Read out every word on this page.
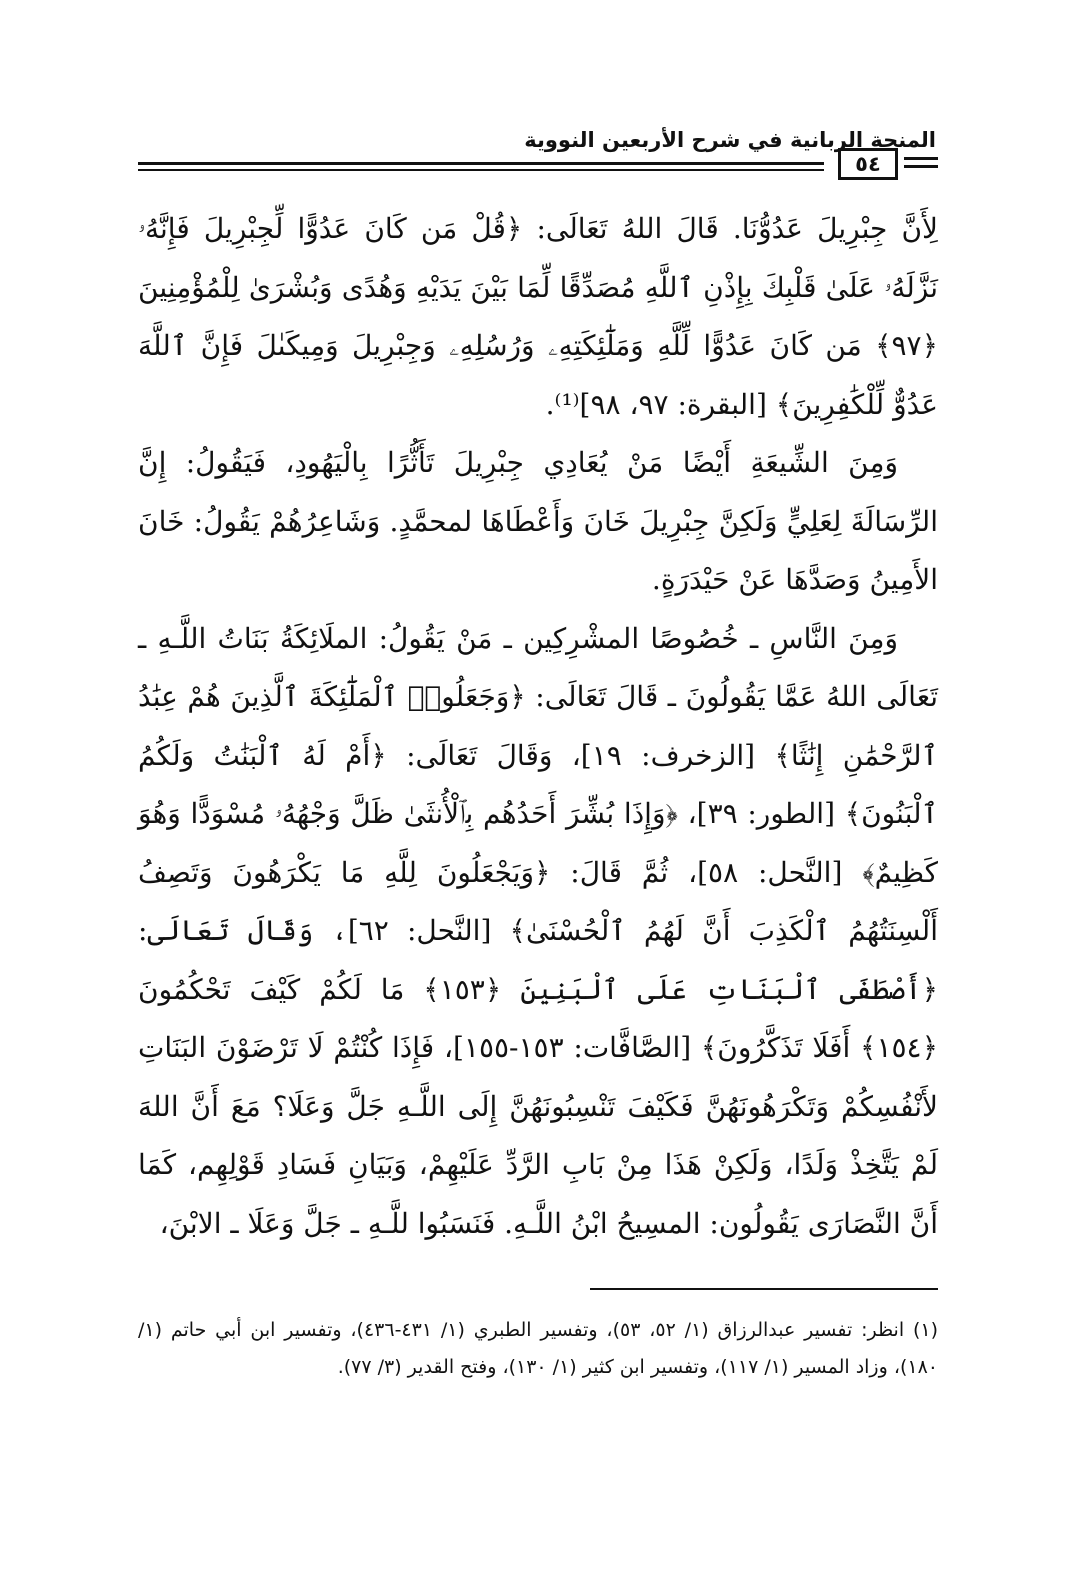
المنحة الربانية في شرح الأربعين النووية
٥٤

لِأَنَّ جِبْرِيلَ عَدُوُّنَا. قَالَ اللهُ تَعَالَى: ﴿قُلْ مَن كَانَ عَدُوًّا لِّجِبْرِيلَ فَإِنَّهُۥ نَزَّلَهُۥ عَلَىٰ قَلْبِكَ بِإِذْنِ ٱللَّهِ مُصَدِّقًا لِّمَا بَيْنَ يَدَيْهِ وَهُدًى وَبُشْرَىٰ لِلْمُؤْمِنِينَ ﴿٩٧﴾ مَن كَانَ عَدُوًّا لِّلَّهِ وَمَلَٰٓئِكَتِهِۦ وَرُسُلِهِۦ وَجِبْرِيلَ وَمِيكَىٰلَ فَإِنَّ ٱللَّهَ عَدُوٌّ لِّلْكَٰفِرِينَ﴾ [البقرة: ٩٧، ٩٨]⁽¹⁾.

وَمِنَ الشِّيعَةِ أَيْضًا مَنْ يُعَادِي جِبْرِيلَ تَأَثُّرًا بِالْيَهُودِ، فَيَقُولُ: إِنَّ الرِّسَالَةَ لِعَلِيٍّ وَلَكِنَّ جِبْرِيلَ خَانَ وَأَعْطَاهَا لمحمَّدٍ. وَشَاعِرُهُمْ يَقُولُ: خَانَ الأَمِينُ وَصَدَّهَا عَنْ حَيْدَرَةٍ.

وَمِنَ النَّاسِ ـ خُصُوصًا المشْرِكِين ـ مَنْ يَقُولُ: الملَائِكَةُ بَنَاتُ اللَّـهِ ـ تَعَالَى اللهُ عَمَّا يَقُولُونَ ـ قَالَ تَعَالَى: ﴿وَجَعَلُوا۟ ٱلْمَلَٰٓئِكَةَ ٱلَّذِينَ هُمْ عِبَٰدُ ٱلرَّحْمَٰنِ إِنَٰثًا﴾ [الزخرف: ١٩]، وَقَالَ تَعَالَى: ﴿أَمْ لَهُ ٱلْبَنَٰتُ وَلَكُمُ ٱلْبَنُونَ﴾ [الطور: ٣٩]، ﴿وَإِذَا بُشِّرَ أَحَدُهُم بِٱلْأُنثَىٰ ظَلَّ وَجْهُهُۥ مُسْوَدًّا وَهُوَ كَظِيمٌ﴾ [النَّحل: ٥٨]، ثُمَّ قَالَ: ﴿وَيَجْعَلُونَ لِلَّهِ مَا يَكْرَهُونَ وَتَصِفُ أَلْسِنَتُهُمُ ٱلْكَذِبَ أَنَّ لَهُمُ ٱلْحُسْنَىٰ﴾ [النَّحل: ٦٢]، وَقَالَ تَعَالَى: ﴿أَصْطَفَى ٱلْبَنَاتِ عَلَى ٱلْبَنِينَ ﴿١٥٣﴾ مَا لَكُمْ كَيْفَ تَحْكُمُونَ ﴿١٥٤﴾ أَفَلَا تَذَكَّرُونَ﴾ [الصَّافَّات: ١٥٣-١٥٥]، فَإِذَا كُنْتُمْ لَا تَرْضَوْنَ البَنَاتِ لأَنْفُسِكُمْ وَتَكْرَهُونَهُنَّ فَكَيْفَ تَنْسِبُونَهُنَّ إِلَى اللَّـهِ جَلَّ وَعَلَا؟ مَعَ أَنَّ اللهَ لَمْ يَتَّخِذْ وَلَدًا، وَلَكِنْ هَذَا مِنْ بَابِ الرَّدِّ عَلَيْهِمْ، وَبَيَانِ فَسَادِ قَوْلِهِم، كَمَا أَنَّ النَّصَارَى يَقُولُون: المسِيحُ ابْنُ اللَّـهِ. فَنَسَبُوا للَّـهِ ـ جَلَّ وَعَلَا ـ الابْنَ،

(١) انظر: تفسير عبدالرزاق (١/ ٥٢، ٥٣)، وتفسير الطبري (١/ ٤٣١-٤٣٦)، وتفسير ابن أبي حاتم (١/ ١٨٠)، وزاد المسير (١/ ١١٧)، وتفسير ابن كثير (١/ ١٣٠)، وفتح القدير (٣/ ٧٧).
